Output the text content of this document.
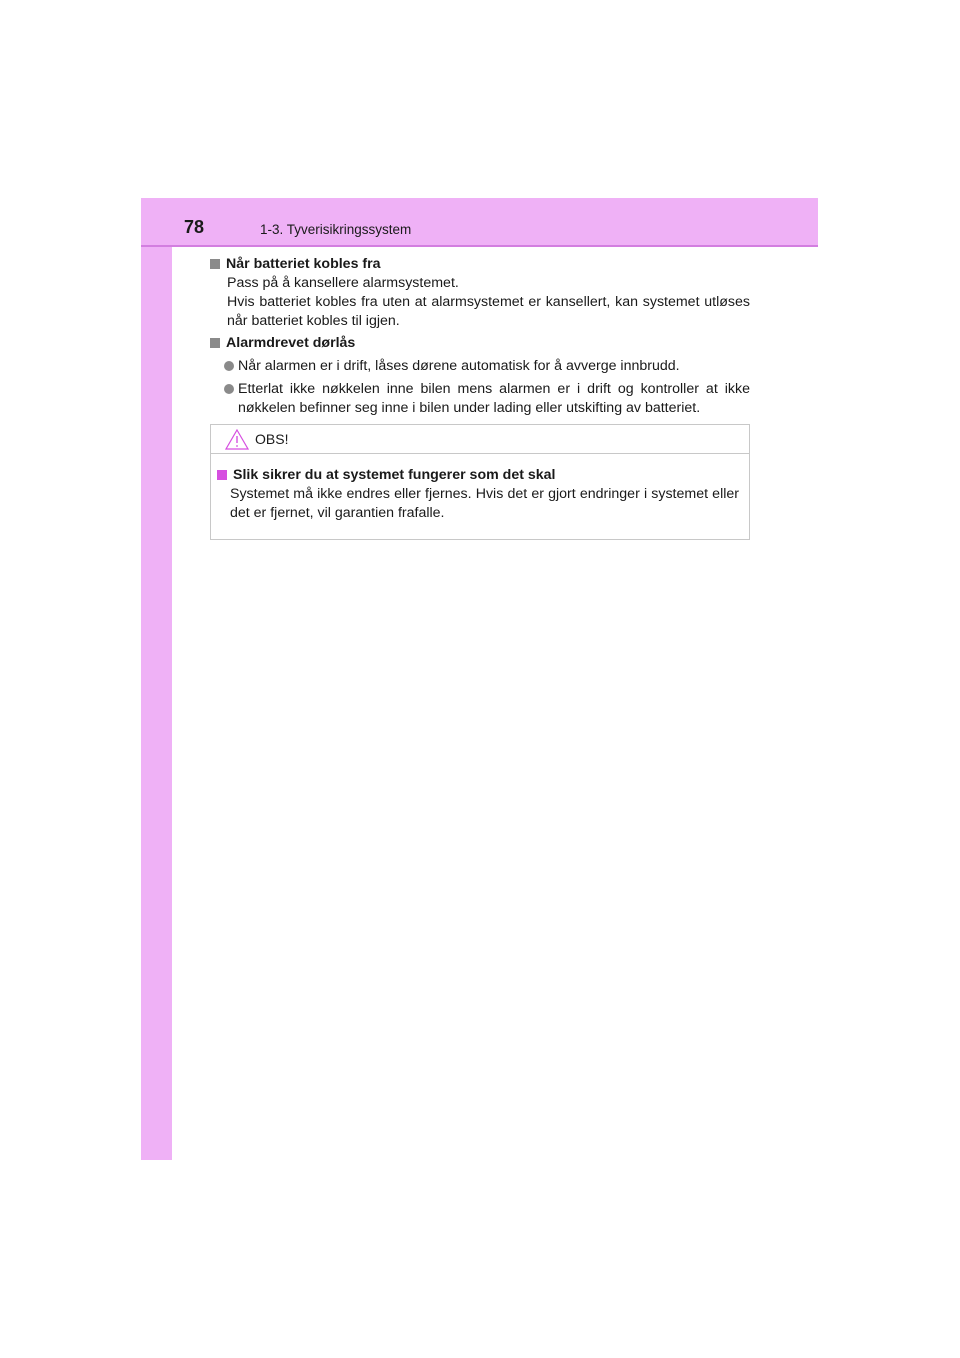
78	1-3. Tyverisikringssystem
Når batteriet kobles fra
Pass på å kansellere alarmsystemet.
Hvis batteriet kobles fra uten at alarmsystemet er kansellert, kan systemet utløses når batteriet kobles til igjen.
Alarmdrevet dørlås
Når alarmen er i drift, låses dørene automatisk for å avverge innbrudd.
Etterlat ikke nøkkelen inne bilen mens alarmen er i drift og kontroller at ikke nøkkelen befinner seg inne i bilen under lading eller utskifting av batteriet.
OBS!
Slik sikrer du at systemet fungerer som det skal
Systemet må ikke endres eller fjernes. Hvis det er gjort endringer i systemet eller det er fjernet, vil garantien frafalle.
